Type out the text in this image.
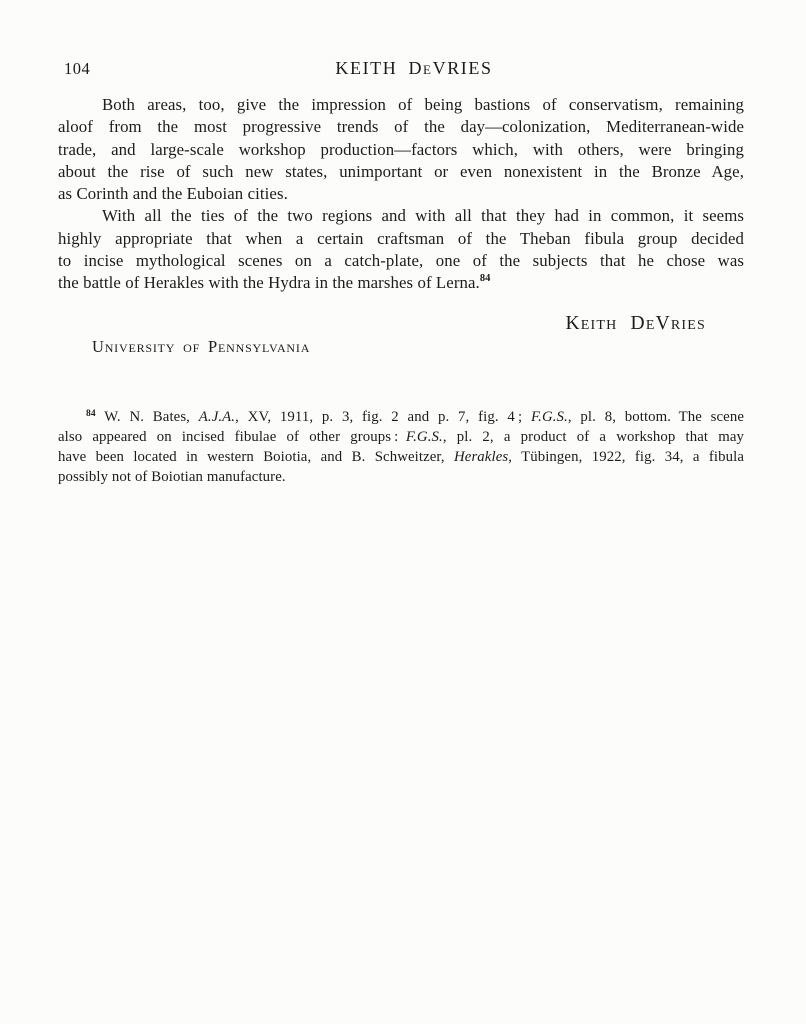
104	KEITH DeVRIES
Both areas, too, give the impression of being bastions of conservatism, remaining
aloof from the most progressive trends of the day—colonization, Mediterranean-wide
trade, and large-scale workshop production—factors which, with others, were bringing
about the rise of such new states, unimportant or even nonexistent in the Bronze Age,
as Corinth and the Euboian cities.
With all the ties of the two regions and with all that they had in common, it seems
highly appropriate that when a certain craftsman of the Theban fibula group decided
to incise mythological scenes on a catch-plate, one of the subjects that he chose was
the battle of Herakles with the Hydra in the marshes of Lerna.$^{84}$
Keith DeVries
University of Pennsylvania
$^{84}$ W. N. Bates, A.J.A., XV, 1911, p. 3, fig. 2 and p. 7, fig. 4 ; F.G.S., pl. 8, bottom. The scene
also appeared on incised fibulae of other groups : F.G.S., pl. 2, a product of a workshop that may
have been located in western Boiotia, and B. Schweitzer, Herakles, Tübingen, 1922, fig. 34, a fibula
possibly not of Boiotian manufacture.
